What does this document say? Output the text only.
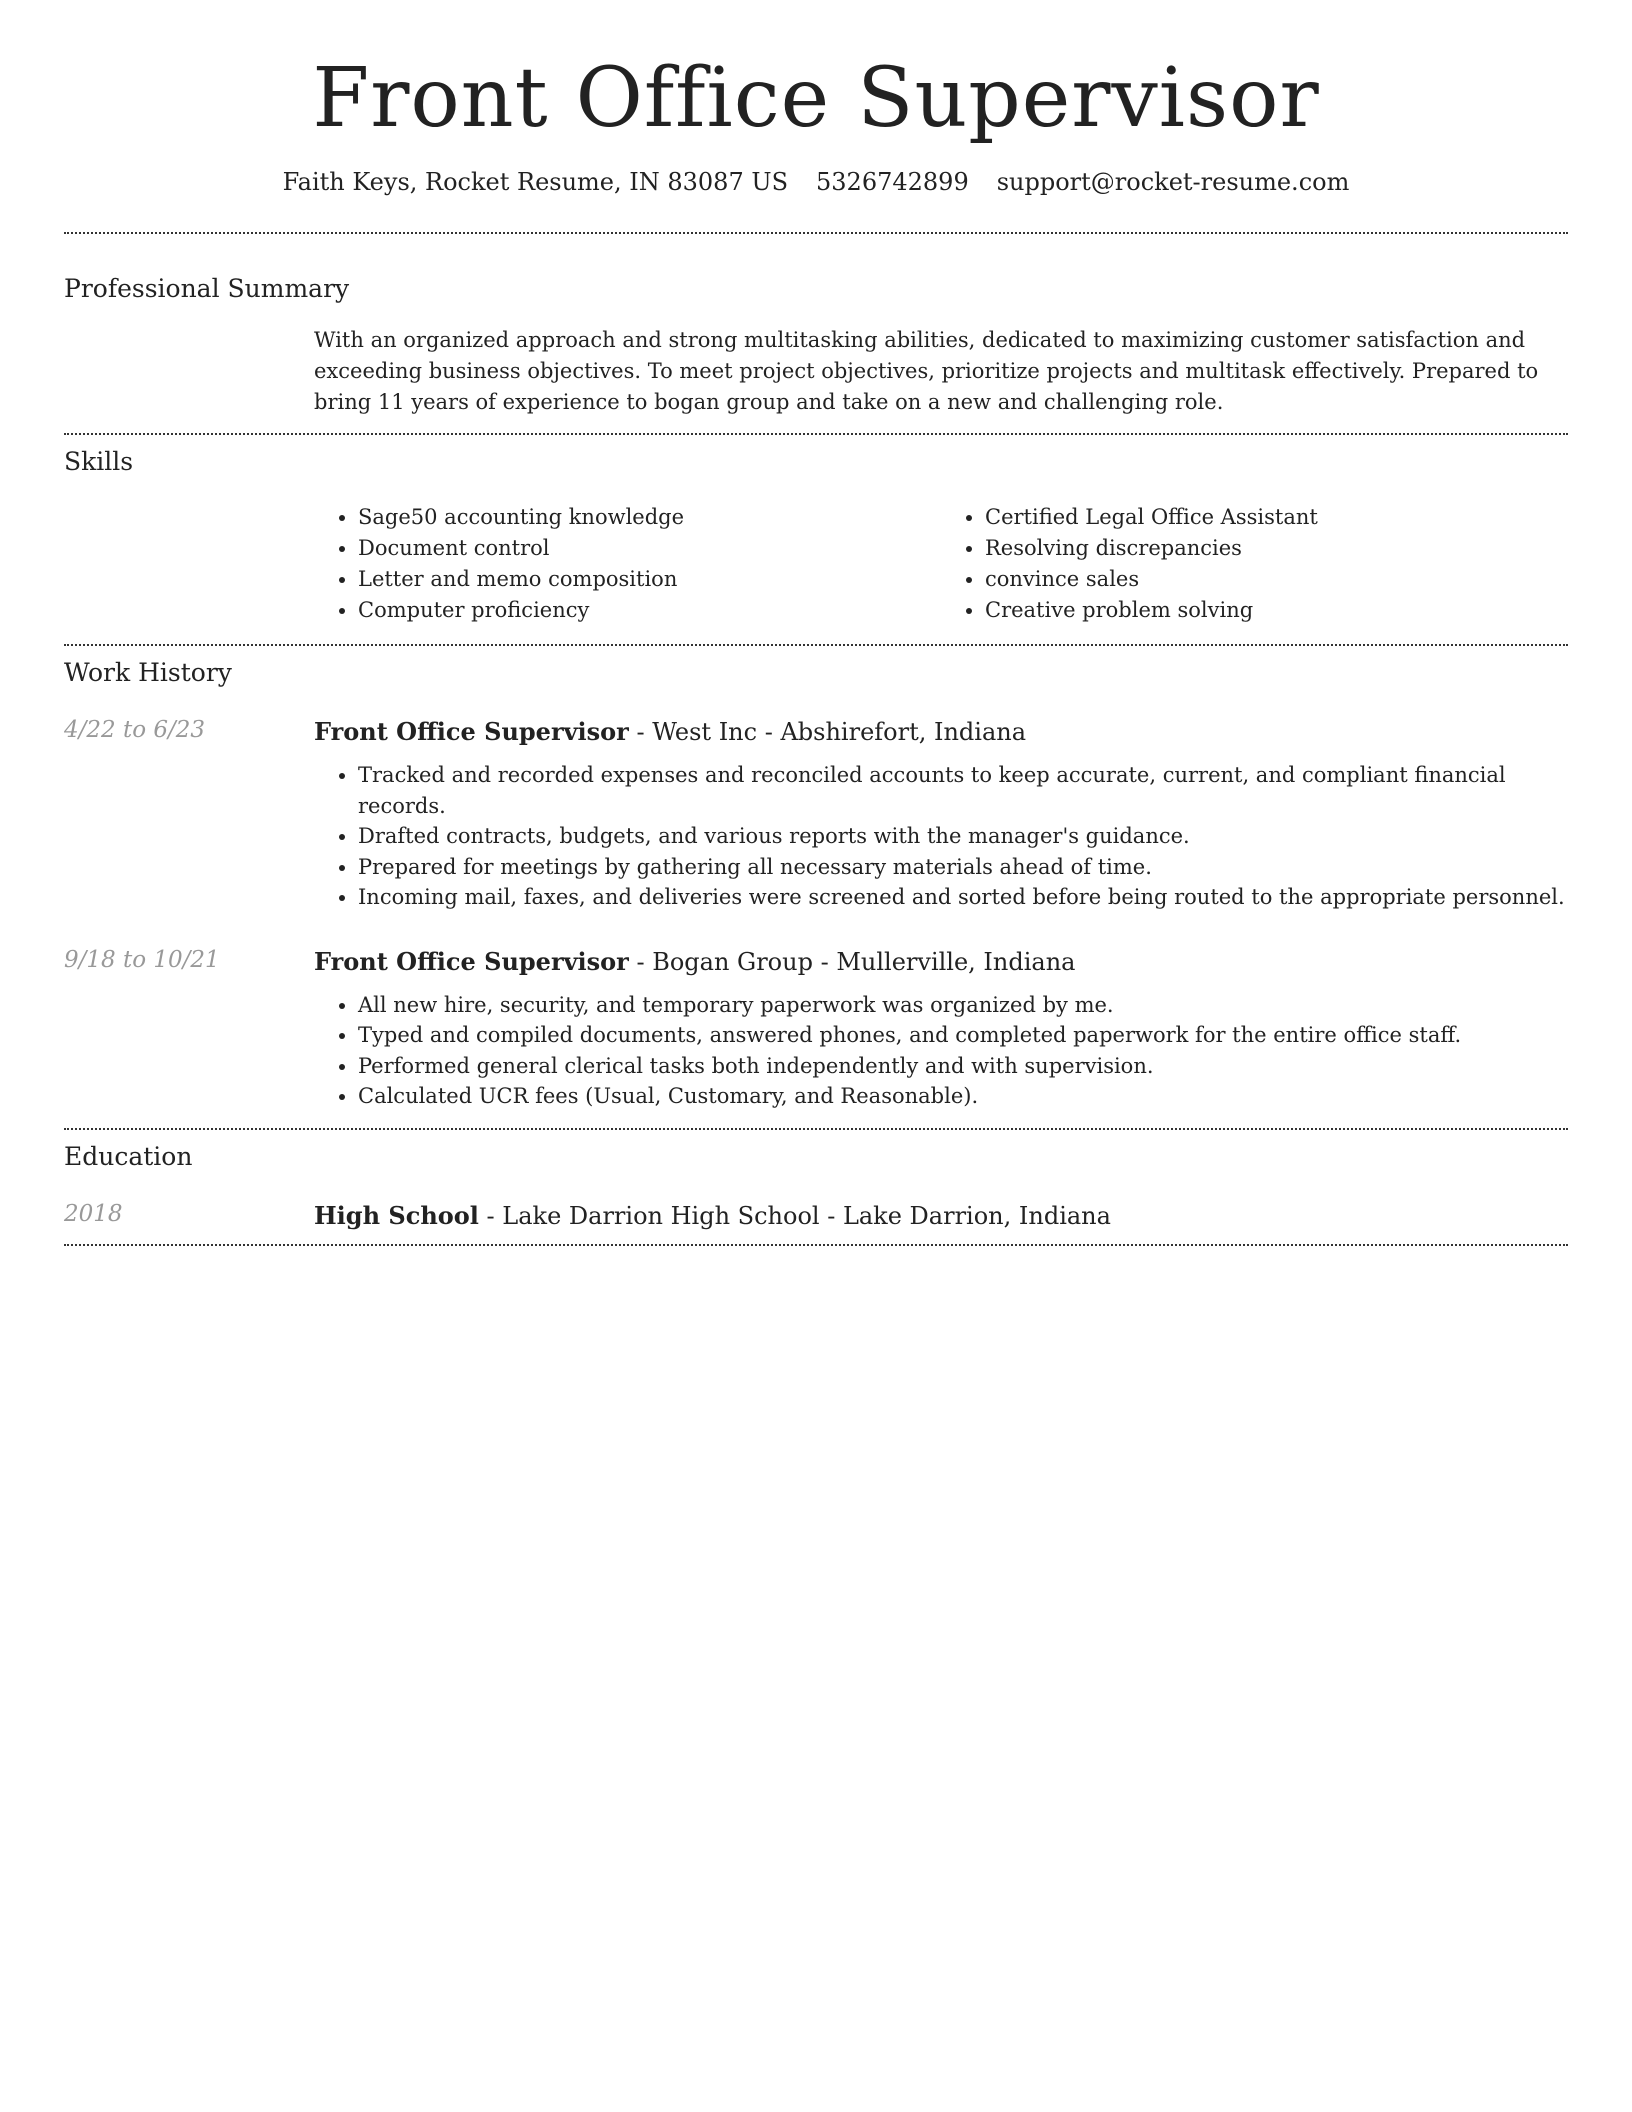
Front Office Supervisor
Faith Keys, Rocket Resume, IN 83087 US 5326742899 support@rocket-resume.com
Professional Summary

With an organized approach and strong multitasking abilities, dedicated to maximizing customer satisfaction and exceeding business objectives. To meet project objectives, prioritize projects and multitask effectively. Prepared to bring 11 years of experience to bogan group and take on a new and challenging role.

Skills
• Sage50 accounting knowledge
• Document control
• Letter and memo composition
• Computer proficiency
• Certified Legal Office Assistant
• Resolving discrepancies
• convince sales
• Creative problem solving
Work History
4/22 to 6/23	Front Office Supervisor - West Inc - Abshirefort, Indiana
• Tracked and recorded expenses and reconciled accounts to keep accurate, current, and compliant financial records.
• Drafted contracts, budgets, and various reports with the manager's guidance.
• Prepared for meetings by gathering all necessary materials ahead of time.
• Incoming mail, faxes, and deliveries were screened and sorted before being routed to the appropriate personnel.
9/18 to 10/21	Front Office Supervisor - Bogan Group - Mullerville, Indiana
• All new hire, security, and temporary paperwork was organized by me.
• Typed and compiled documents, answered phones, and completed paperwork for the entire office staff.
• Performed general clerical tasks both independently and with supervision.
• Calculated UCR fees (Usual, Customary, and Reasonable).
Education
2018	High School - Lake Darrion High School - Lake Darrion, Indiana
